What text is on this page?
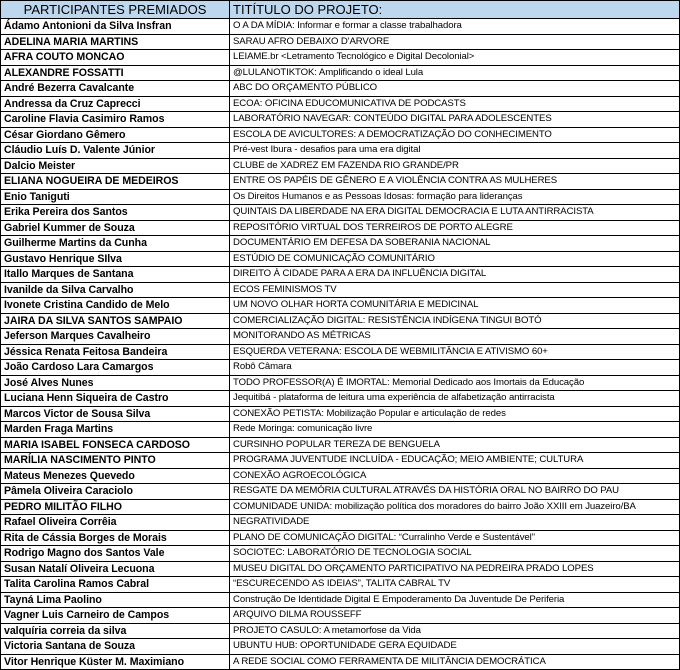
PARTICIPANTES PREMIADOS	TITÍTULO DO PROJETO:
Ádamo Antonioni da Silva Insfran	O A DA MÍDIA: Informar e formar a classe trabalhadora
ADELINA MARIA MARTINS	SARAU AFRO DEBAIXO D'ARVORE
AFRA COUTO MONCAO	LEIAME.br <Letramento Tecnológico e Digital Decolonial>
ALEXANDRE FOSSATTI	@LULANOTIKTOK: Amplificando o ideal Lula
André Bezerra Cavalcante	ABC DO ORÇAMENTO PÚBLICO
Andressa da Cruz Caprecci	ECOA: OFICINA EDUCOMUNICATIVA DE PODCASTS
Caroline Flavia Casimiro Ramos	LABORATÓRIO NAVEGAR: CONTEÚDO DIGITAL PARA ADOLESCENTES
César Giordano Gêmero	ESCOLA DE AVICULTORES: A DEMOCRATIZAÇÃO DO CONHECIMENTO
Cláudio Luís D. Valente Júnior	Pré-vest Ibura - desafios para uma era digital
Dalcio Meister	CLUBE de XADREZ EM FAZENDA RIO GRANDE/PR
ELIANA NOGUEIRA DE MEDEIROS	ENTRE OS PAPÉIS DE GÊNERO E A VIOLÊNCIA CONTRA AS MULHERES
Enio Taniguti	Os Direitos Humanos e as Pessoas Idosas: formação para lideranças
Erika Pereira dos Santos	QUINTAIS DA LIBERDADE NA ERA DIGITAL DEMOCRACIA E LUTA ANTIRRACISTA
Gabriel Kummer de Souza	REPOSITÓRIO VIRTUAL DOS TERREIROS DE PORTO ALEGRE
Guilherme Martins da Cunha	DOCUMENTÁRIO EM DEFESA DA SOBERANIA NACIONAL
Gustavo Henrique SIlva	ESTÚDIO DE COMUNICAÇÃO COMUNITÁRIO
Itallo Marques de Santana	DIREITO À CIDADE PARA A ERA DA INFLUÊNCIA DIGITAL
Ivanilde da Silva Carvalho	ECOS FEMINISMOS TV
Ivonete Cristina Candido de Melo	UM NOVO OLHAR HORTA COMUNITÁRIA E MEDICINAL
JAIRA DA SILVA SANTOS SAMPAIO	COMERCIALIZAÇÃO DIGITAL: RESISTÊNCIA INDÍGENA TINGUI BOTÓ
Jeferson Marques Cavalheiro	MONITORANDO AS MÉTRICAS
Jéssica Renata Feitosa Bandeira	ESQUERDA VETERANA: ESCOLA DE WEBMILITÂNCIA E ATIVISMO 60+
João Cardoso Lara Camargos	Robô Câmara
José Alves Nunes	TODO PROFESSOR(A) É IMORTAL: Memorial Dedicado aos Imortais da Educação
Luciana Henn Siqueira de Castro	Jequitibá - plataforma de leitura uma experiência de alfabetização antirracista
Marcos Victor de Sousa Silva	CONEXÃO PETISTA: Mobilização Popular e articulação de redes
Marden Fraga Martins	Rede Moringa: comunicação livre
MARIA ISABEL FONSECA CARDOSO	CURSINHO POPULAR TEREZA DE BENGUELA
MARÍLIA NASCIMENTO PINTO	PROGRAMA JUVENTUDE INCLUÍDA - EDUCAÇÃO; MEIO AMBIENTE; CULTURA
Mateus Menezes Quevedo	CONEXÃO AGROECOLÓGICA
Pâmela Oliveira Caraciolo	RESGATE DA MEMÓRIA CULTURAL ATRAVÉS DA HISTÓRIA ORAL NO BAIRRO DO PAU
PEDRO MILITÃO FILHO	COMUNIDADE UNIDA: mobilização política dos moradores do bairro João XXIII em Juazeiro/BA
Rafael Oliveira Corrêia	NEGRATIVIDADE
Rita de Cássia Borges de Morais	PLANO DE COMUNICAÇÃO DIGITAL: “Curralinho Verde e Sustentável”
Rodrigo Magno dos Santos Vale	SOCIOTEC: LABORATÓRIO DE TECNOLOGIA SOCIAL
Susan Natalí Oliveira Lecuona	MUSEU DIGITAL DO ORÇAMENTO PARTICIPATIVO NA PEDREIRA PRADO LOPES
Talita Carolina Ramos Cabral	“ESCURECENDO AS IDEIAS”, TALITA CABRAL TV
Tayná Lima Paolino	Construção De Identidade Digital E Empoderamento Da Juventude De Periferia
Vagner Luis Carneiro de Campos	ARQUIVO DILMA ROUSSEFF
valquíria correia da silva	PROJETO CASULO: A metamorfose da Vida
Victoria Santana de Souza	UBUNTU HUB: OPORTUNIDADE GERA EQUIDADE
Vitor Henrique Küster M. Maximiano	A REDE SOCIAL COMO FERRAMENTA DE MILITÂNCIA DEMOCRÁTICA
